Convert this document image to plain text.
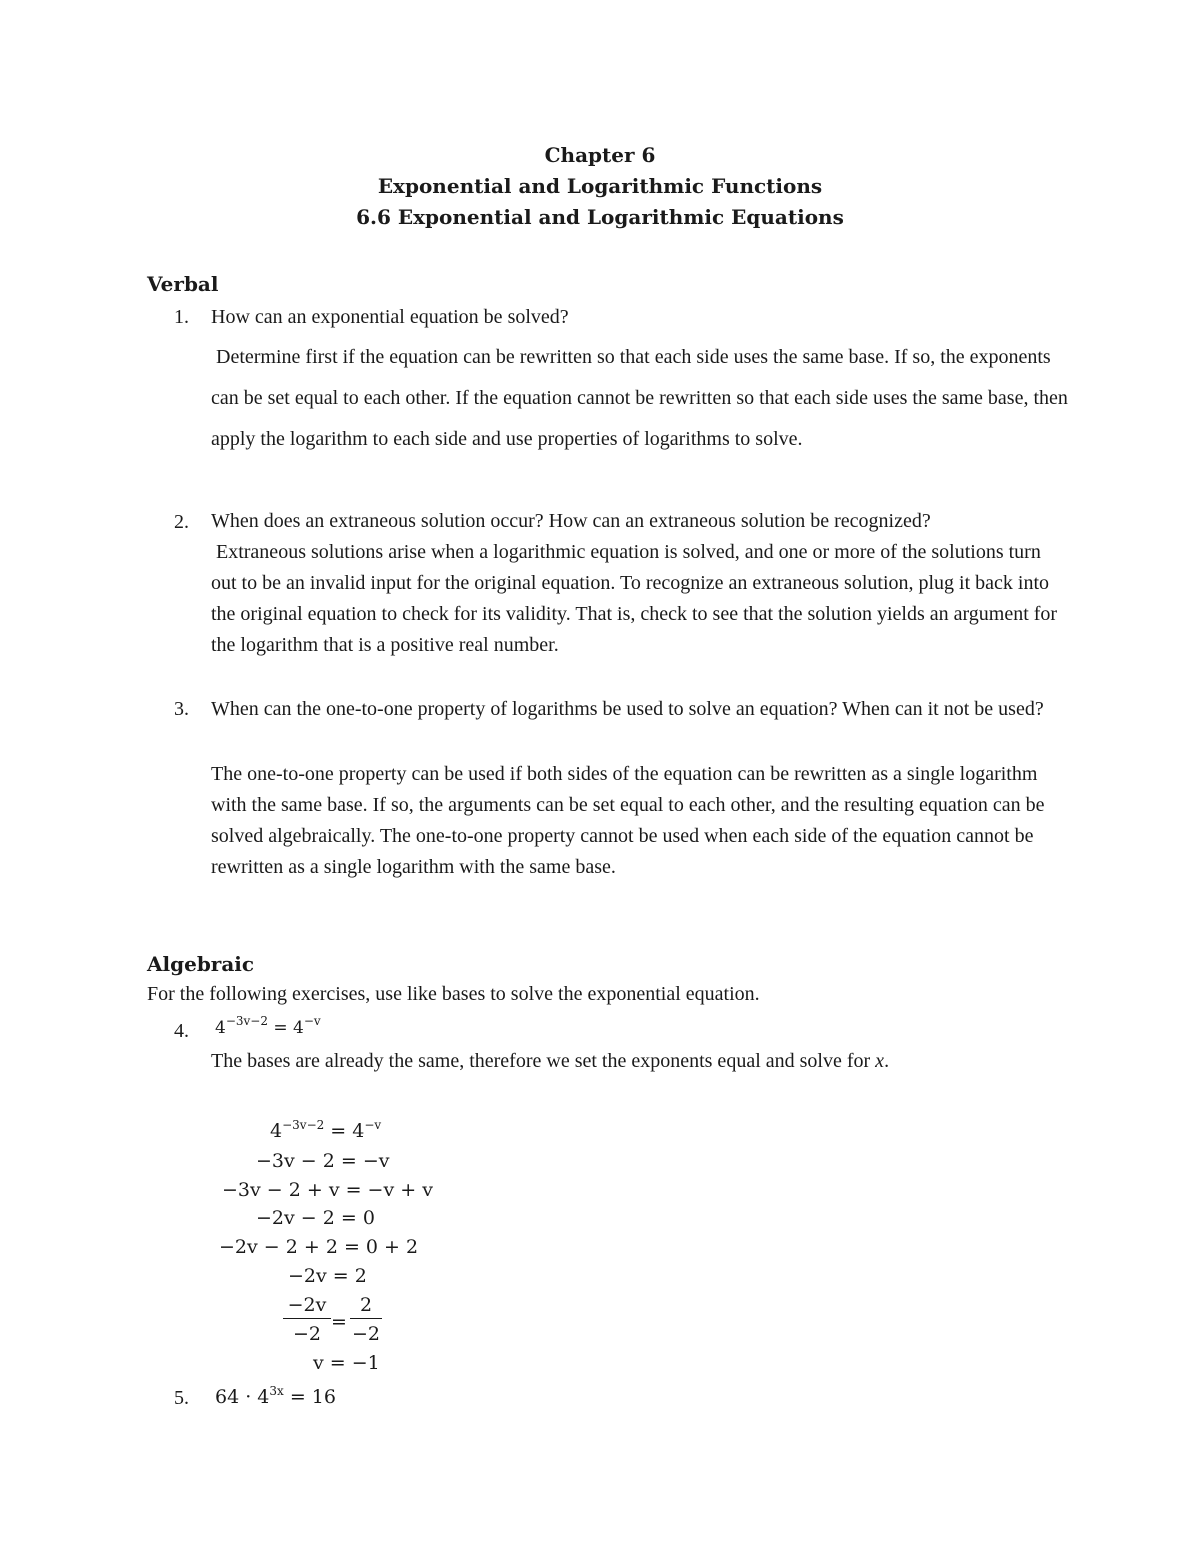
Chapter 6
Exponential and Logarithmic Functions
6.6 Exponential and Logarithmic Equations
Verbal
1. How can an exponential equation be solved?
Determine first if the equation can be rewritten so that each side uses the same base. If so, the exponents can be set equal to each other. If the equation cannot be rewritten so that each side uses the same base, then apply the logarithm to each side and use properties of logarithms to solve.
2. When does an extraneous solution occur? How can an extraneous solution be recognized?
Extraneous solutions arise when a logarithmic equation is solved, and one or more of the solutions turn out to be an invalid input for the original equation. To recognize an extraneous solution, plug it back into the original equation to check for its validity. That is, check to see that the solution yields an argument for the logarithm that is a positive real number.
3. When can the one-to-one property of logarithms be used to solve an equation? When can it not be used?
The one-to-one property can be used if both sides of the equation can be rewritten as a single logarithm with the same base. If so, the arguments can be set equal to each other, and the resulting equation can be solved algebraically. The one-to-one property cannot be used when each side of the equation cannot be rewritten as a single logarithm with the same base.
Algebraic
For the following exercises, use like bases to solve the exponential equation.
4. $4^{-3v-2} = 4^{-v}$
The bases are already the same, therefore we set the exponents equal and solve for x.
$4^{-3v-2} = 4^{-v}$
−3v − 2 = −v
−3v − 2 + v = −v + v
−2v − 2 = 0
−2v − 2 + 2 = 0 + 2
−2v = 2
$\frac{-2v}{-2} = \frac{2}{-2}$
v = −1
5. $64 \cdot 4^{3x} = 16$
